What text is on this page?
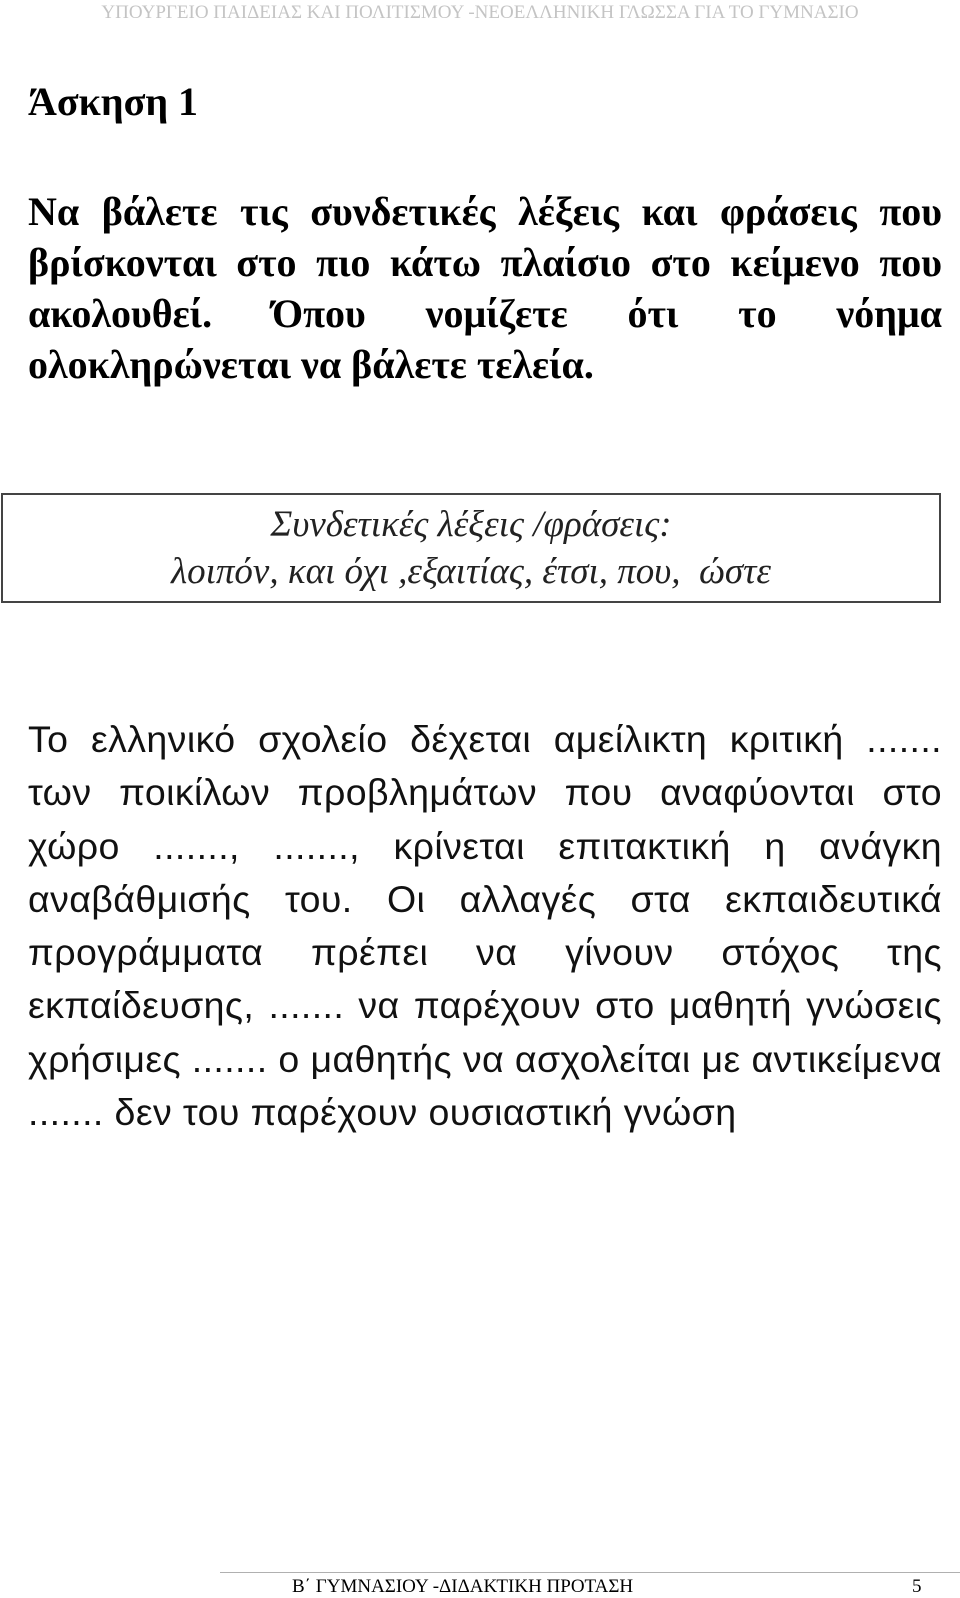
ΥΠΟΥΡΓΕΙΟ ΠΑΙΔΕΙΑΣ ΚΑΙ ΠΟΛΙΤΙΣΜΟΥ -ΝΕΟΕΛΛΗΝΙΚΗ ΓΛΩΣΣΑ ΓΙΑ ΤΟ ΓΥΜΝΑΣΙΟ
Άσκηση 1

Να βάλετε τις συνδετικές λέξεις και φράσεις που βρίσκονται στο πιο κάτω πλαίσιο στο κείμενο που ακολουθεί. Όπου νομίζετε ότι το νόημα ολοκληρώνεται να βάλετε τελεία.

Συνδετικές λέξεις /φράσεις:
λοιπόν, και όχι ,εξαιτίας, έτσι, που,  ώστε

Το ελληνικό σχολείο δέχεται αμείλικτη κριτική ....... των ποικίλων προβλημάτων που αναφύονται στο χώρο ......., ......., κρίνεται επιτακτική η ανάγκη αναβάθμισής του. Οι αλλαγές στα εκπαιδευτικά προγράμματα πρέπει να γίνουν στόχος της εκπαίδευσης, ....... να παρέχουν στο μαθητή γνώσεις χρήσιμες ....... ο μαθητής να ασχολείται με αντικείμενα ....... δεν του παρέχουν ουσιαστική γνώση

Β΄ ΓΥΜΝΑΣΙΟΥ -ΔΙΔΑΚΤΙΚΗ ΠΡΟΤΑΣΗ	5
